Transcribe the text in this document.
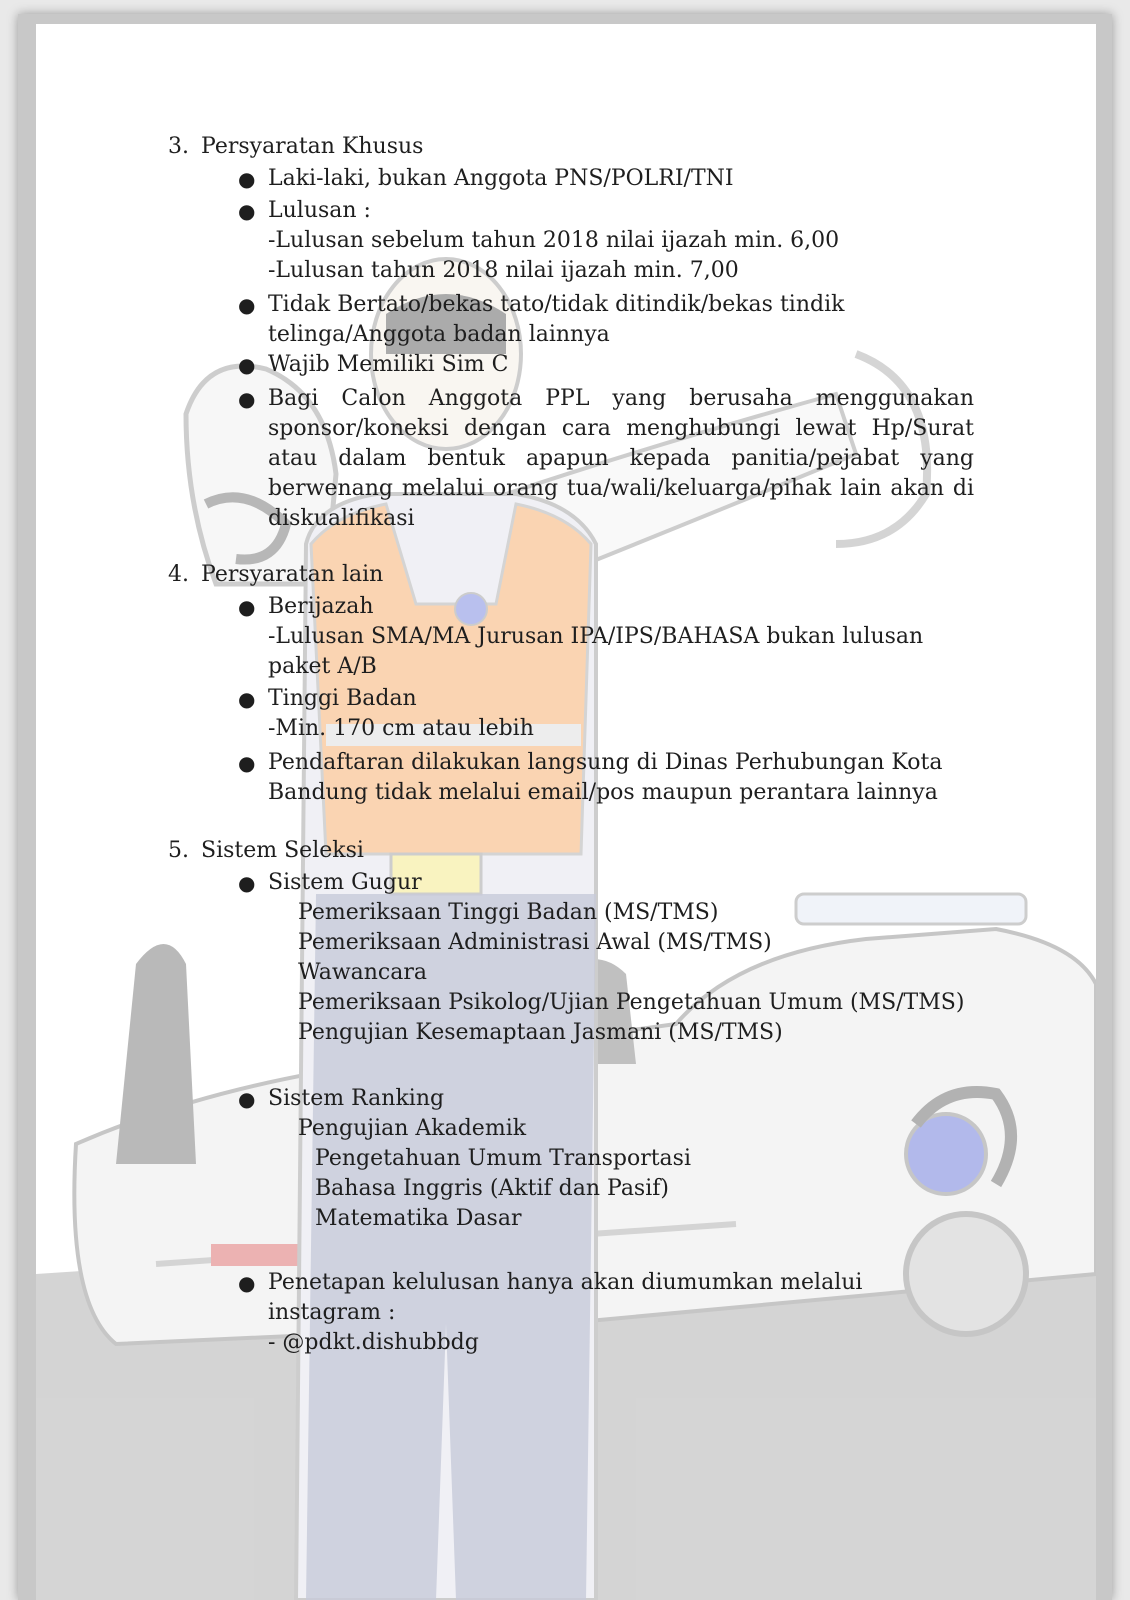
3. Persyaratan Khusus
● Laki-laki, bukan Anggota PNS/POLRI/TNI
● Lulusan :
-Lulusan sebelum tahun 2018 nilai ijazah min. 6,00
-Lulusan tahun 2018 nilai ijazah min. 7,00
● Tidak Bertato/bekas tato/tidak ditindik/bekas tindik telinga/Anggota badan lainnya
● Wajib Memiliki Sim C
● Bagi Calon Anggota PPL yang berusaha menggunakan sponsor/koneksi dengan cara menghubungi lewat Hp/Surat atau dalam bentuk apapun kepada panitia/pejabat yang berwenang melalui orang tua/wali/keluarga/pihak lain akan di diskualifikasi
4. Persyaratan lain
● Berijazah
-Lulusan SMA/MA Jurusan IPA/IPS/BAHASA bukan lulusan paket A/B
● Tinggi Badan
-Min. 170 cm atau lebih
● Pendaftaran dilakukan langsung di Dinas Perhubungan Kota Bandung tidak melalui email/pos maupun perantara lainnya
5. Sistem Seleksi
● Sistem Gugur
Pemeriksaan Tinggi Badan (MS/TMS)
Pemeriksaan Administrasi Awal (MS/TMS)
Wawancara
Pemeriksaan Psikolog/Ujian Pengetahuan Umum (MS/TMS)
Pengujian Kesemaptaan Jasmani (MS/TMS)
● Sistem Ranking
Pengujian Akademik
Pengetahuan Umum Transportasi
Bahasa Inggris (Aktif dan Pasif)
Matematika Dasar
● Penetapan kelulusan hanya akan diumumkan melalui instagram :
- @pdkt.dishubbdg
